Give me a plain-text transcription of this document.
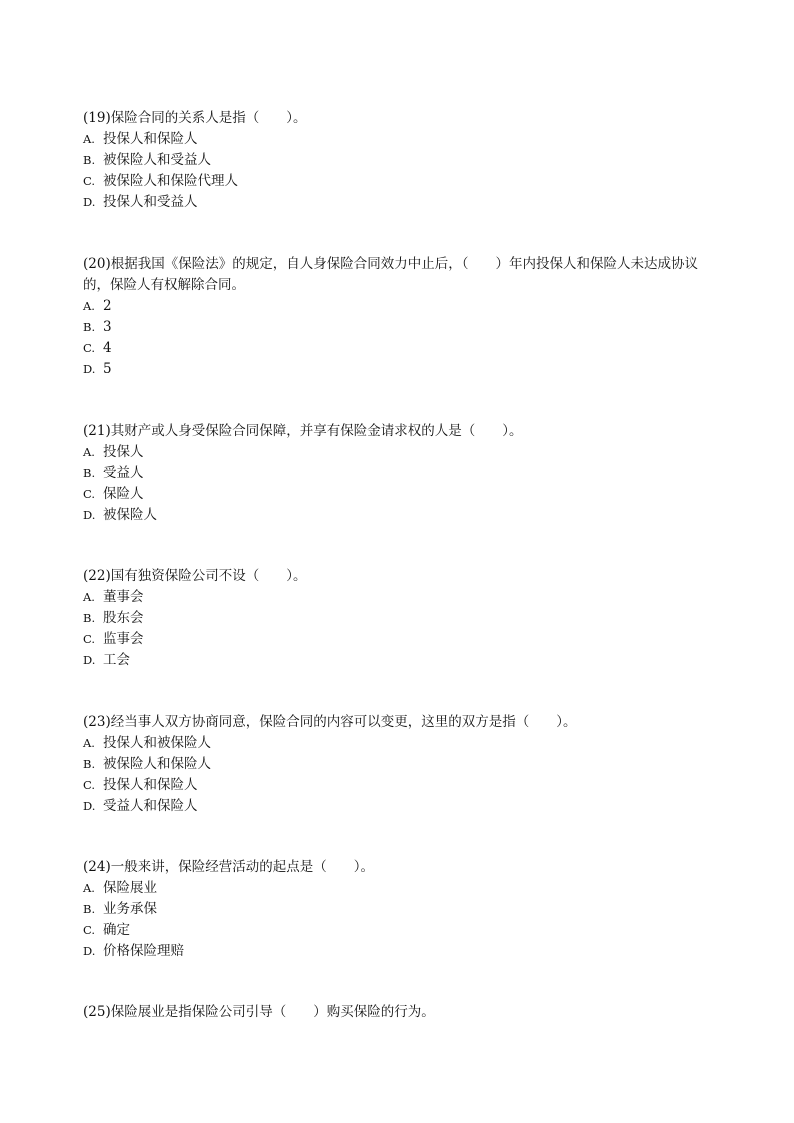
(19)保险合同的关系人是指（　　）。

A. 投保人和保险人
B. 被保险人和受益人
C. 被保险人和保险代理人
D. 投保人和受益人

(20)根据我国《保险法》的规定，自人身保险合同效力中止后，（　　）年内投保人和保险人未达成协议的，保险人有权解除合同。

A. 2
B. 3
C. 4
D. 5

(21)其财产或人身受保险合同保障，并享有保险金请求权的人是（　　）。

A. 投保人
B. 受益人
C. 保险人
D. 被保险人

(22)国有独资保险公司不设（　　）。

A. 董事会
B. 股东会
C. 监事会
D. 工会

(23)经当事人双方协商同意，保险合同的内容可以变更，这里的双方是指（　　）。

A. 投保人和被保险人
B. 被保险人和保险人
C. 投保人和保险人
D. 受益人和保险人

(24)一般来讲，保险经营活动的起点是（　　）。

A. 保险展业
B. 业务承保
C. 确定
D. 价格保险理赔

(25)保险展业是指保险公司引导（　　）购买保险的行为。
